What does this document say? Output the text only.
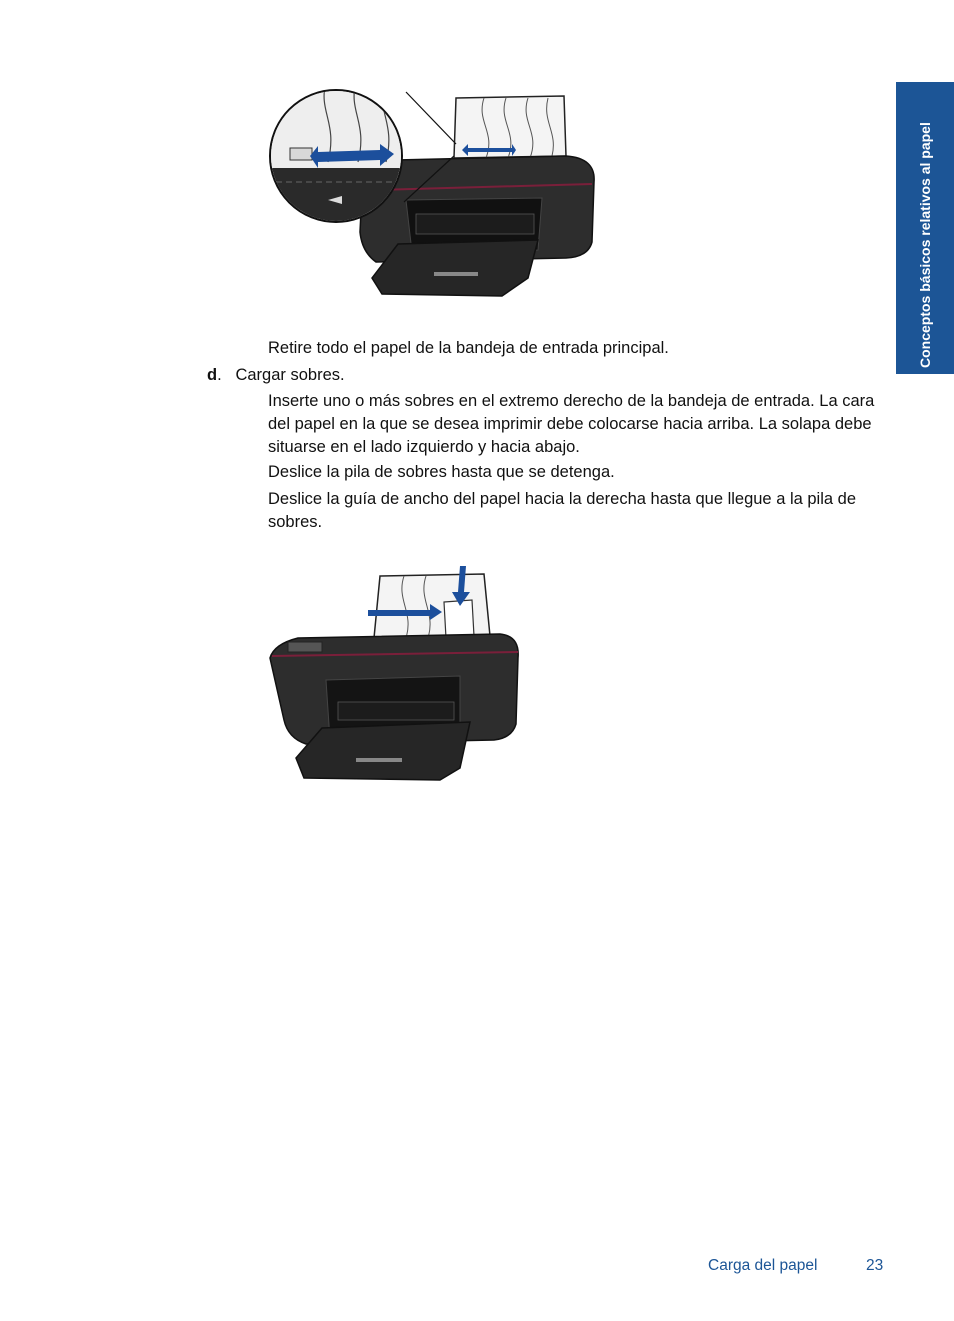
Conceptos básicos relativos al papel
Retire todo el papel de la bandeja de entrada principal.
d. Cargar sobres.
Inserte uno o más sobres en el extremo derecho de la bandeja de entrada. La cara del papel en la que se desea imprimir debe colocarse hacia arriba. La solapa debe situarse en el lado izquierdo y hacia abajo.
Deslice la pila de sobres hasta que se detenga.
Deslice la guía de ancho del papel hacia la derecha hasta que llegue a la pila de sobres.
Carga del papel	23
